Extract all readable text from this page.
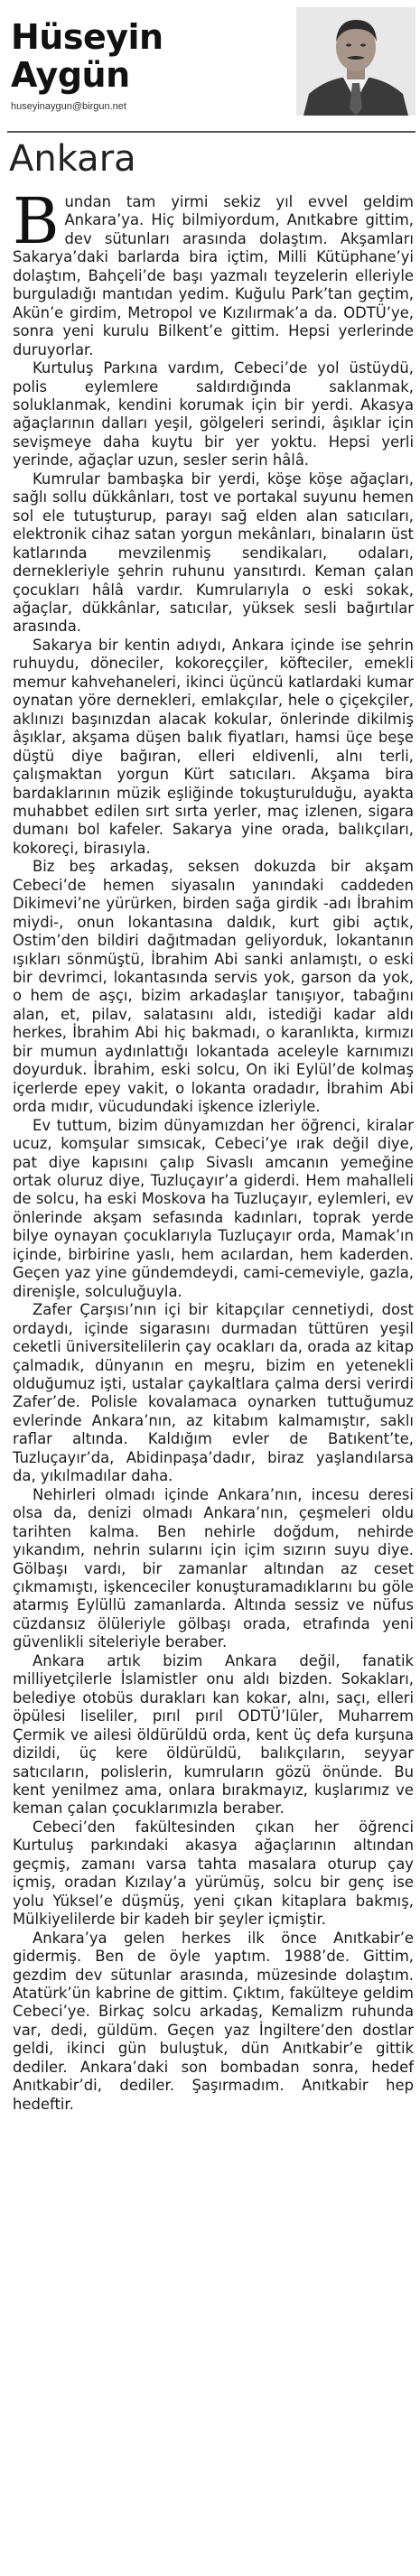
Hüseyin
Aygün
huseyinaygun@birgun.net
Ankara

Bundan tam yirmi sekiz yıl evvel geldim Ankara’ya. Hiç bilmiyordum, Anıtkabre gittim, dev sütunları arasında dolaştım. Akşamları Sakarya’daki barlarda bira içtim, Milli Kütüphane’yi dolaştım, Bahçeli’de başı yazmalı teyzelerin elleriyle burguladığı mantıdan yedim. Kuğulu Park’tan geçtim, Akün’e girdim, Metropol ve Kızılırmak’a da. ODTÜ’ye, sonra yeni kurulu Bilkent’e gittim. Hepsi yerlerinde duruyorlar.

Kurtuluş Parkına vardım, Cebeci’de yol üstüydü, polis eylemlere saldırdığında saklanmak, soluklanmak, kendini korumak için bir yerdi. Akasya ağaçlarının dalları yeşil, gölgeleri serindi, âşıklar için sevişmeye daha kuytu bir yer yoktu. Hepsi yerli yerinde, ağaçlar uzun, sesler serin hâlâ.

Kumrular bambaşka bir yerdi, köşe köşe ağaçları, sağlı sollu dükkânları, tost ve portakal suyunu hemen sol ele tutuşturup, parayı sağ elden alan satıcıları, elektronik cihaz satan yorgun mekânları, binaların üst katlarında mevzilenmiş sendikaları, odaları, dernekleriyle şehrin ruhunu yansıtırdı. Keman çalan çocukları hâlâ vardır. Kumrularıyla o eski sokak, ağaçlar, dükkânlar, satıcılar, yüksek sesli bağırtılar arasında.

Sakarya bir kentin adıydı, Ankara içinde ise şehrin ruhuydu, döneciler, kokoreççiler, köfteciler, emekli memur kahvehaneleri, ikinci üçüncü katlardaki kumar oynatan yöre dernekleri, emlakçılar, hele o çiçekçiler, aklınızı başınızdan alacak kokular, önlerinde dikilmiş âşıklar, akşama düşen balık fiyatları, hamsi üçe beşe düştü diye bağıran, elleri eldivenli, alnı terli, çalışmaktan yorgun Kürt satıcıları. Akşama bira bardaklarının müzik eşliğinde tokuşturulduğu, ayakta muhabbet edilen sırt sırta yerler, maç izlenen, sigara dumanı bol kafeler. Sakarya yine orada, balıkçıları, kokoreçi, birasıyla.

Biz beş arkadaş, seksen dokuzda bir akşam Cebeci’de hemen siyasalın yanındaki caddeden Dikimevi’ne yürürken, birden sağa girdik -adı İbrahim miydi-, onun lokantasına daldık, kurt gibi açtık, Ostim’den bildiri dağıtmadan geliyorduk, lokantanın ışıkları sönmüştü, İbrahim Abi sanki anlamıştı, o eski bir devrimci, lokantasında servis yok, garson da yok, o hem de aşçı, bizim arkadaşlar tanışıyor, tabağını alan, et, pilav, salatasını aldı, istediği kadar aldı herkes, İbrahim Abi hiç bakmadı, o karanlıkta, kırmızı bir mumun aydınlattığı lokantada aceleyle karnımızı doyurduk. İbrahim, eski solcu, On iki Eylül’de kolmaş içerlerde epey vakit, o lokanta oradadır, İbrahim Abi orda mıdır, vücudundaki işkence izleriyle.

Ev tuttum, bizim dünyamızdan her öğrenci, kiralar ucuz, komşular sımsıcak, Cebeci’ye ırak değil diye, pat diye kapısını çalıp Sivaslı amcanın yemeğine ortak oluruz diye, Tuzluçayır’a giderdi. Hem mahalleli de solcu, ha eski Moskova ha Tuzluçayır, eylemleri, ev önlerinde akşam sefasında kadınları, toprak yerde bilye oynayan çocuklarıyla Tuzluçayır orda, Mamak’ın içinde, birbirine yaslı, hem acılardan, hem kaderden. Geçen yaz yine gündemdeydi, cami-cemeviyle, gazla, direnişle, solculuğuyla.

Zafer Çarşısı’nın içi bir kitapçılar cennetiydi, dost ordaydı, içinde sigarasını durmadan tüttüren yeşil ceketli üniversitelilerin çay ocakları da, orada az kitap çalmadık, dünyanın en meşru, bizim en yetenekli olduğumuz işti, ustalar çaykaltlara çalma dersi verirdi Zafer’de. Polisle kovalamaca oynarken tuttuğumuz evlerinde Ankara’nın, az kitabım kalmamıştır, saklı raflar altında. Kaldığım evler de Batıkent’te, Tuzluçayır’da, Abidinpaşa’dadır, biraz yaşlandılarsa da, yıkılmadılar daha.

Nehirleri olmadı içinde Ankara’nın, incesu deresi olsa da, denizi olmadı Ankara’nın, çeşmeleri oldu tarihten kalma. Ben nehirle doğdum, nehirde yıkandım, nehrin sularını için içim sızırın suyu diye. Gölbaşı vardı, bir zamanlar altından az ceset çıkmamıştı, işkenceciler konuşturamadıklarını bu göle atarmış Eylüllü zamanlarda. Altında sessiz ve nüfus cüzdansız ölüleriyle gölbaşı orada, etrafında yeni güvenlikli siteleriyle beraber.

Ankara artık bizim Ankara değil, fanatik milliyetçilerle İslamistler onu aldı bizden. Sokakları, belediye otobüs durakları kan kokar, alnı, saçı, elleri öpülesi liseliler, pırıl pırıl ODTÜ’lüler, Muharrem Çermik ve ailesi öldürüldü orda, kent üç defa kurşuna dizildi, üç kere öldürüldü, balıkçıların, seyyar satıcıların, polislerin, kumruların gözü önünde. Bu kent yenilmez ama, onlara bırakmayız, kuşlarımız ve keman çalan çocuklarımızla beraber.

Cebeci’den fakültesinden çıkan her öğrenci Kurtuluş parkındaki akasya ağaçlarının altından geçmiş, zamanı varsa tahta masalara oturup çay içmiş, oradan Kızılay’a yürümüş, solcu bir genç ise yolu Yüksel’e düşmüş, yeni çıkan kitaplara bakmış, Mülkiyelilerde bir kadeh bir şeyler içmiştir.

Ankara’ya gelen herkes ilk önce Anıtkabir’e gidermiş. Ben de öyle yaptım. 1988’de. Gittim, gezdim dev sütunlar arasında, müzesinde dolaştım. Atatürk’ün kabrine de gittim. Çıktım, fakülteye geldim Cebeci’ye. Birkaç solcu arkadaş, Kemalizm ruhunda var, dedi, güldüm. Geçen yaz İngiltere’den dostlar geldi, ikinci gün buluştuk, dün Anıtkabir’e gittik dediler. Ankara’daki son bombadan sonra, hedef Anıtkabir’di, dediler. Şaşırmadım. Anıtkabir hep hedeftir.
